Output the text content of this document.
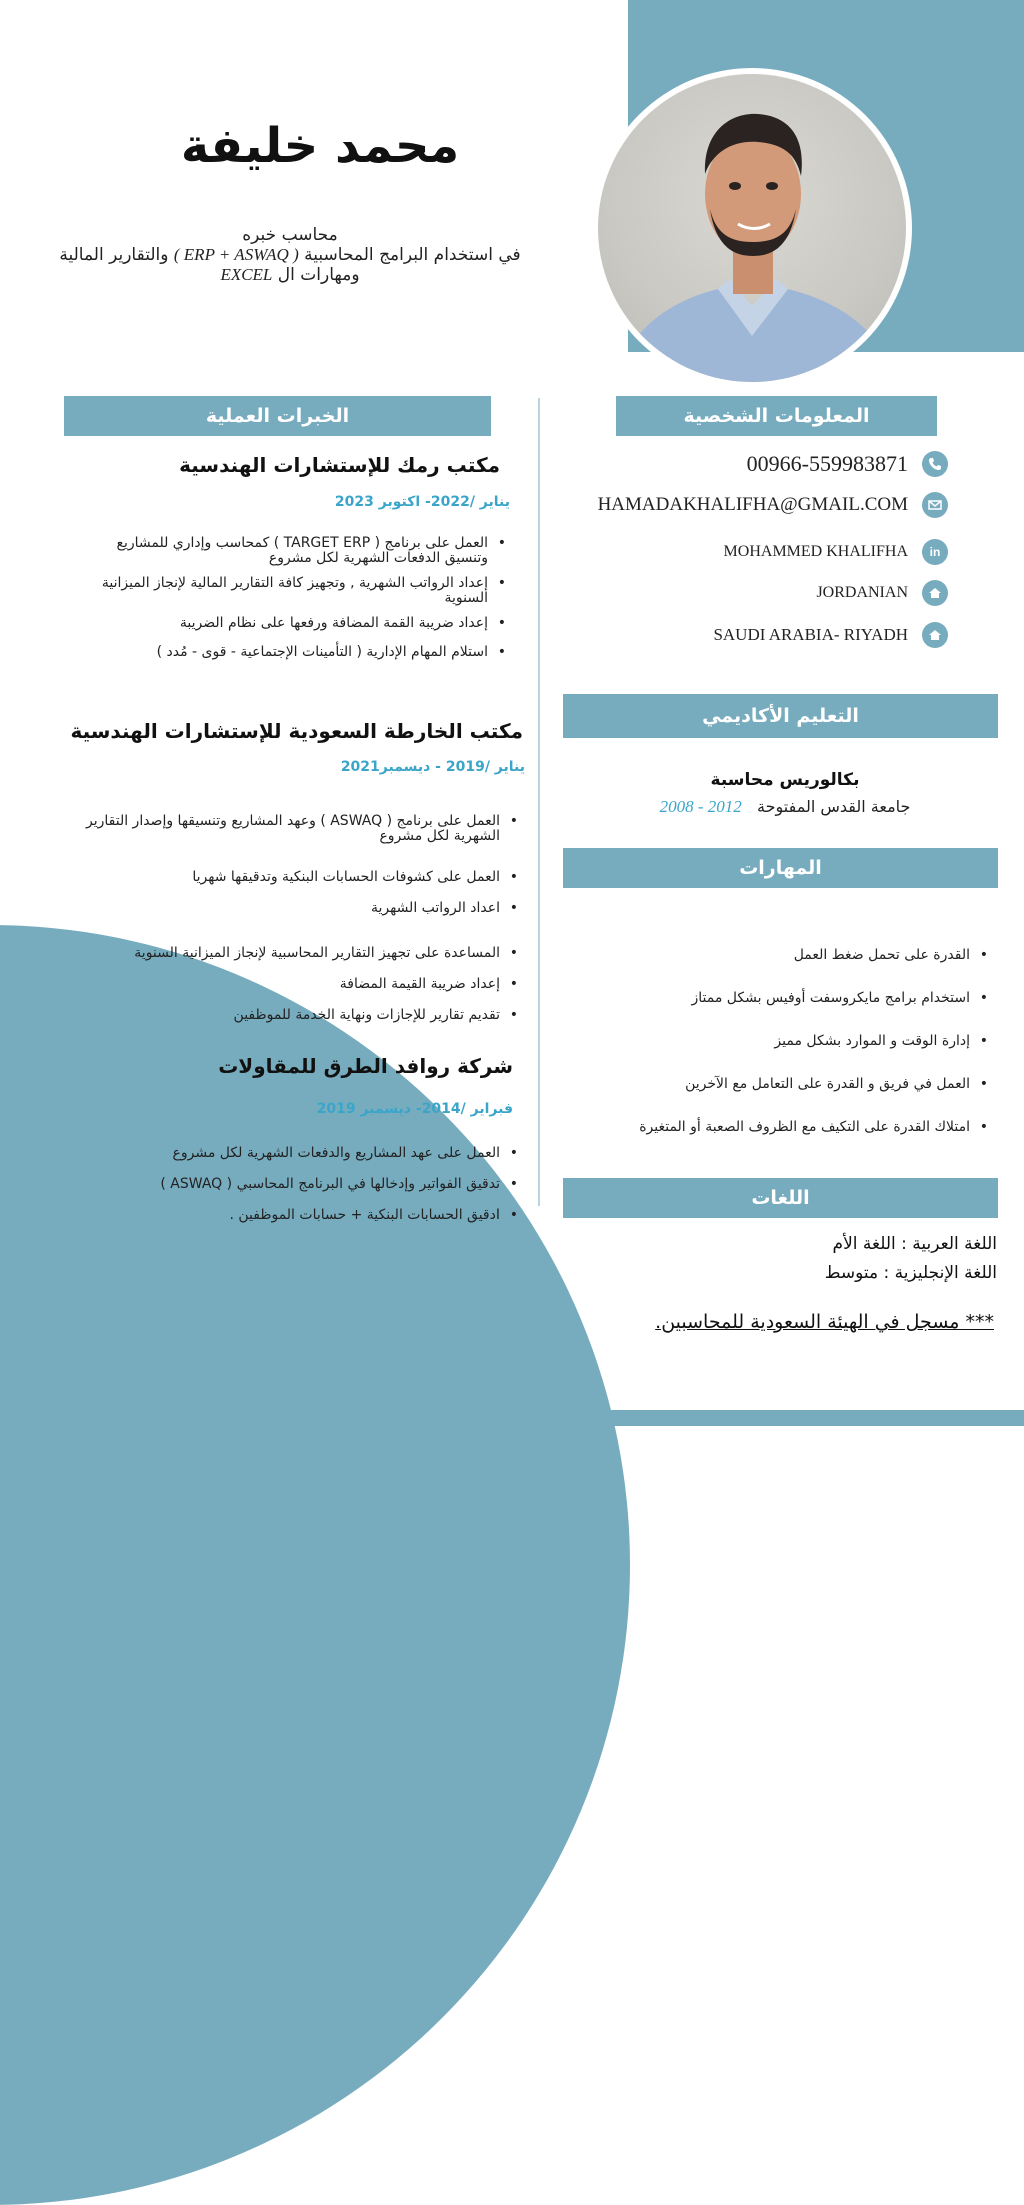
محمد خليفة
محاسب خبره
في استخدام البرامج المحاسبية ( ERP + ASWAQ ) والتقارير المالية
ومهارات ال EXCEL
الخبرات العملية	المعلومات الشخصية
التعليم الأكاديمي
المهارات
اللغات
00966-559983871
HAMADAKHALIFHA@GMAIL.COM
MOHAMMED KHALIFHA	in
JORDANIAN
SAUDI ARABIA- RIYADH
مكتب رمك للإستشارات الهندسية
يناير /2022- اكتوبر 2023
• العمل على برنامج ( TARGET ERP ) كمحاسب وإداري للمشاريع وتنسيق الدفعات الشهرية لكل مشروع
• إعداد الرواتب الشهرية , وتجهيز كافة التقارير المالية لإنجاز الميزانية السنوية
• إعداد ضريبة القمة المضافة ورفعها على نظام الضريبة
• استلام المهام الإدارية ( التأمينات الإجتماعية - قوى - مُدد )
مكتب الخارطة السعودية للإستشارات الهندسية
يناير /2019 - ديسمبر2021
• العمل على برنامج ( ASWAQ ) وعهد المشاريع وتنسيقها وإصدار التقارير الشهرية لكل مشروع
• العمل على كشوفات الحسابات البنكية وتدقيقها شهريا
• اعداد الرواتب الشهرية
• المساعدة على تجهيز التقارير المحاسبية لإنجاز الميزانية السنوية
• إعداد ضريبة القيمة المضافة
• تقديم تقارير للإجازات ونهاية الخدمة للموظفين
شركة روافد الطرق للمقاولات
فبراير /2014- ديسمبر 2019
• العمل على عهد المشاريع والدفعات الشهرية لكل مشروع
• تدقيق الفواتير وإدخالها في البرنامج المحاسبي ( ASWAQ )
• Iدقيق الحسابات البنكية + حسابات الموظفين .
بكالوريس محاسبة
جامعة القدس المفتوحة   2012 - 2008
• القدرة على تحمل ضغط العمل
• استخدام برامج مايكروسفت أوفيس بشكل ممتاز
• إدارة الوقت و الموارد بشكل مميز
• العمل في فريق و القدرة على التعامل مع الآخرين
• امتلاك القدرة على التكيف مع الظروف الصعبة أو المتغيرة
اللغة العربية : اللغة الأم
اللغة الإنجليزية : متوسط
*** مسجل في الهيئة السعودية للمحاسبين.
